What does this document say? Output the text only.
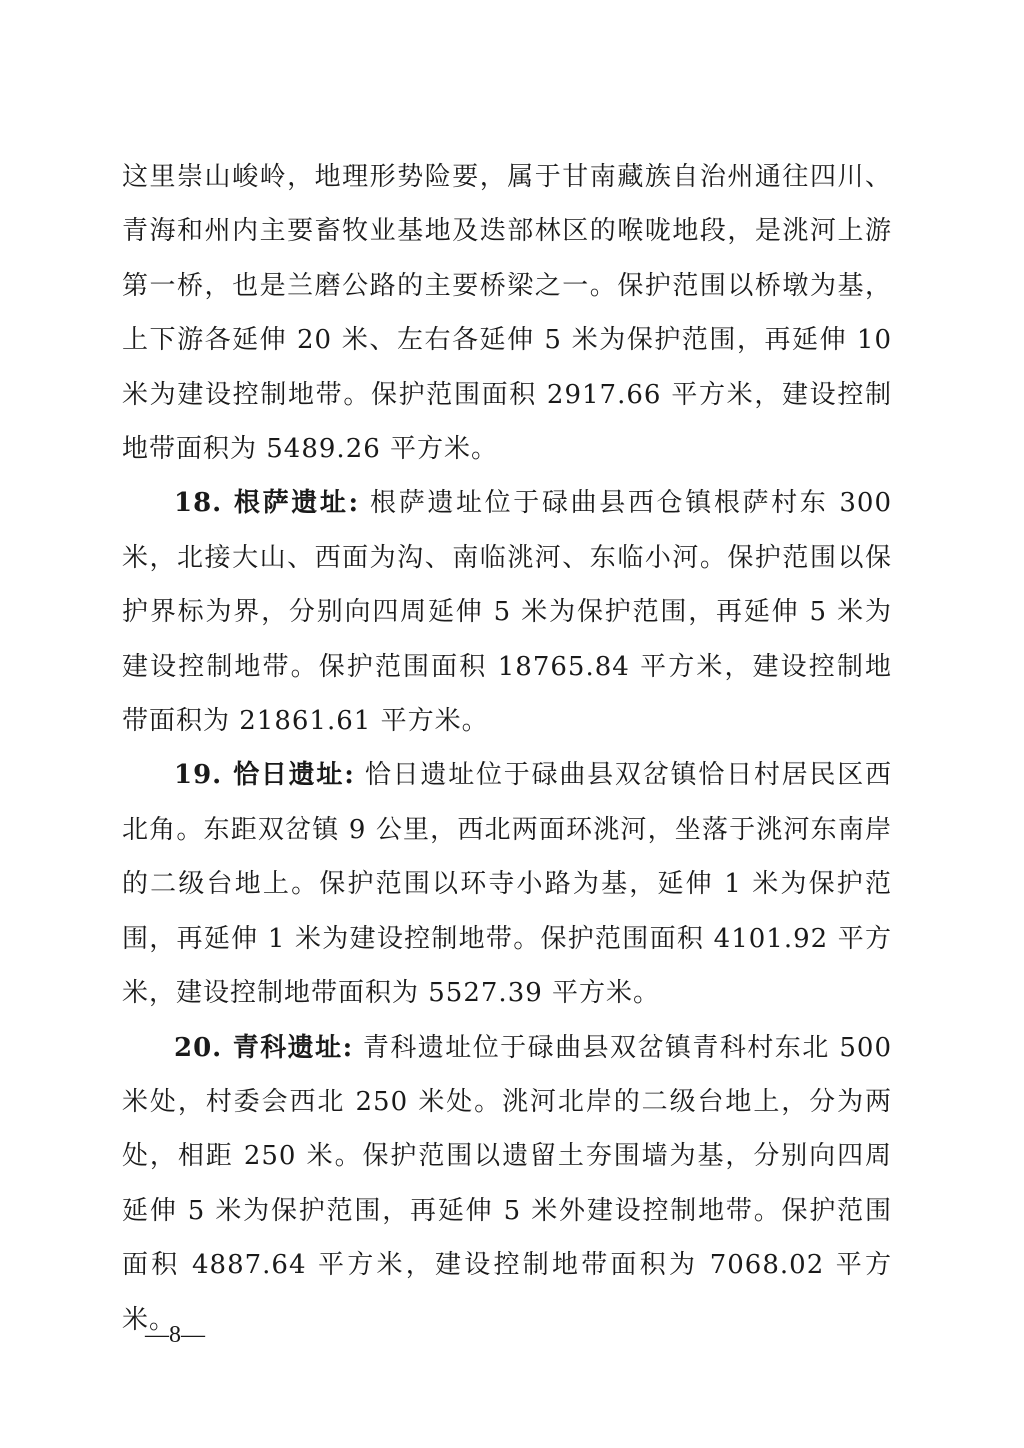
这里崇山峻岭，地理形势险要，属于甘南藏族自治州通往四川、青海和州内主要畜牧业基地及迭部林区的喉咙地段，是洮河上游第一桥，也是兰磨公路的主要桥梁之一。保护范围以桥墩为基，上下游各延伸 20 米、左右各延伸 5 米为保护范围，再延伸 10 米为建设控制地带。保护范围面积 2917.66 平方米，建设控制地带面积为 5489.26 平方米。

18. 根萨遗址: 根萨遗址位于碌曲县西仓镇根萨村东 300 米，北接大山、西面为沟、南临洮河、东临小河。保护范围以保护界标为界，分别向四周延伸 5 米为保护范围，再延伸 5 米为建设控制地带。保护范围面积 18765.84 平方米，建设控制地带面积为 21861.61 平方米。

19. 恰日遗址: 恰日遗址位于碌曲县双岔镇恰日村居民区西北角。东距双岔镇 9 公里，西北两面环洮河，坐落于洮河东南岸的二级台地上。保护范围以环寺小路为基，延伸 1 米为保护范围，再延伸 1 米为建设控制地带。保护范围面积 4101.92 平方米，建设控制地带面积为 5527.39 平方米。

20. 青科遗址: 青科遗址位于碌曲县双岔镇青科村东北 500 米处，村委会西北 250 米处。洮河北岸的二级台地上，分为两处，相距 250 米。保护范围以遗留土夯围墙为基，分别向四周延伸 5 米为保护范围，再延伸 5 米外建设控制地带。保护范围面积 4887.64 平方米，建设控制地带面积为 7068.02 平方米。

—8—
